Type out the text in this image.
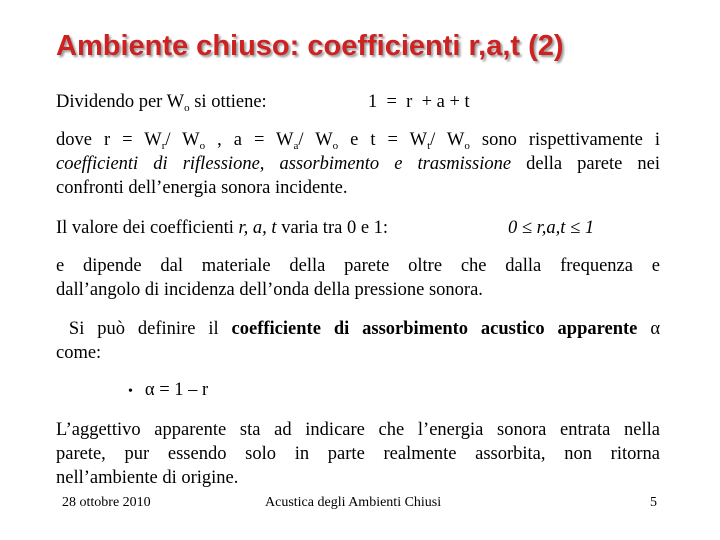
Ambiente chiuso: coefficienti r,a,t (2)
Dividendo per $W_o$ si ottiene:	1  =  r  + a + t
dove $r = W_r/$ $W_o$ , $a = W_a/$ $W_o$ e $t = W_t/$ $W_o$ sono rispettivamente i
coefficienti di riflessione, assorbimento e trasmissione della parete nei
confronti dell’energia sonora incidente.
Il valore dei coefficienti r, a, t varia tra 0 e 1:	0 ≤ r,a,t ≤ 1
e dipende dal materiale della parete oltre che dalla frequenza e
dall’angolo di incidenza dell’onda della pressione sonora.
Si può definire il coefficiente di assorbimento acustico apparente α
come:
• α = 1 – r
L’aggettivo apparente sta ad indicare che l’energia sonora entrata nella
parete, pur essendo solo in parte realmente assorbita, non ritorna
nell’ambiente di origine.
28 ottobre 2010	Acustica degli Ambienti Chiusi	5
